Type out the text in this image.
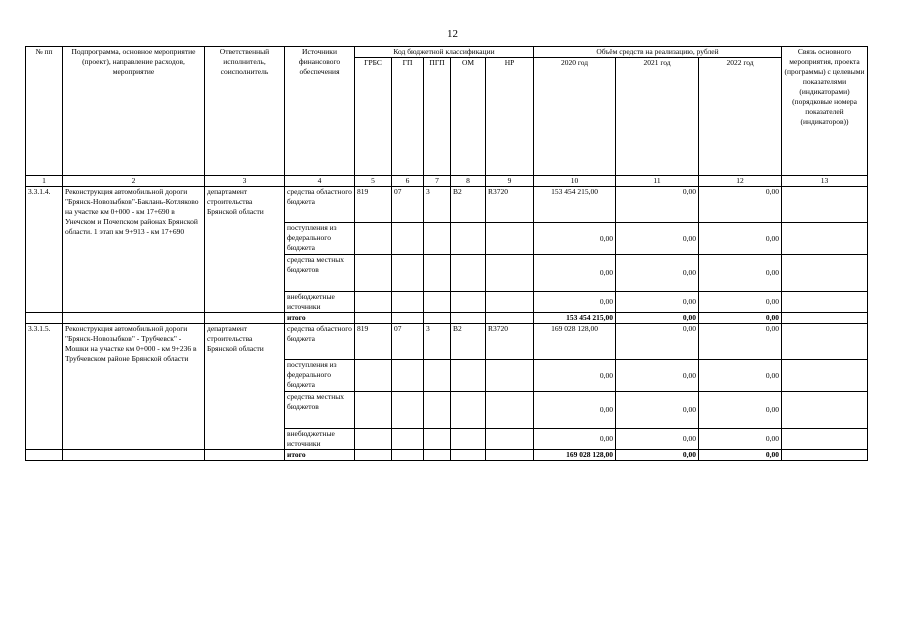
12
№ пп	Подпрограмма, основное мероприятие (проект), направление расходов, мероприятие	Ответственный исполнитель, соисполнитель	Источники финансового обеспечения	Код бюджетной классификации					Объём средств на реализацию, рублей			Связь основного мероприятия, проекта (программы) с целевыми показателями (индикаторами) (порядковые номера показателей (индикаторов))
				ГРБС	ГП	ПГП	ОМ	НР	2020 год	2021 год	2022 год	
1	2	3	4	5	6	7	8	9	10	11	12	13
3.3.1.4.	Реконструкция автомобильной дороги "Брянск-Новозыбков"-Баклань-Котляково на участке км 0+000 - км 17+690 в Унечском и Почепском районах Брянской области. 1 этап км 9+913 - км 17+690	департамент строительства Брянской области	средства областного бюджета	819	07	3	В2	R3720	153 454 215,00	0,00	0,00	
			поступления из федерального бюджета						0,00	0,00	0,00	
			средства местных бюджетов						0,00	0,00	0,00	
			внебюджетные источники						0,00	0,00	0,00	
			итого						153 454 215,00	0,00	0,00	
3.3.1.5.	Реконструкция автомобильной дороги "Брянск-Новозыбков" - Трубчевск" - Мошки на участке км 0+000 - км 9+236 в Трубчевском районе Брянской области	департамент строительства Брянской области	средства областного бюджета	819	07	3	В2	R3720	169 028 128,00	0,00	0,00	
			поступления из федерального бюджета						0,00	0,00	0,00	
			средства местных бюджетов						0,00	0,00	0,00	
			внебюджетные источники						0,00	0,00	0,00	
			итого						169 028 128,00	0,00	0,00	
